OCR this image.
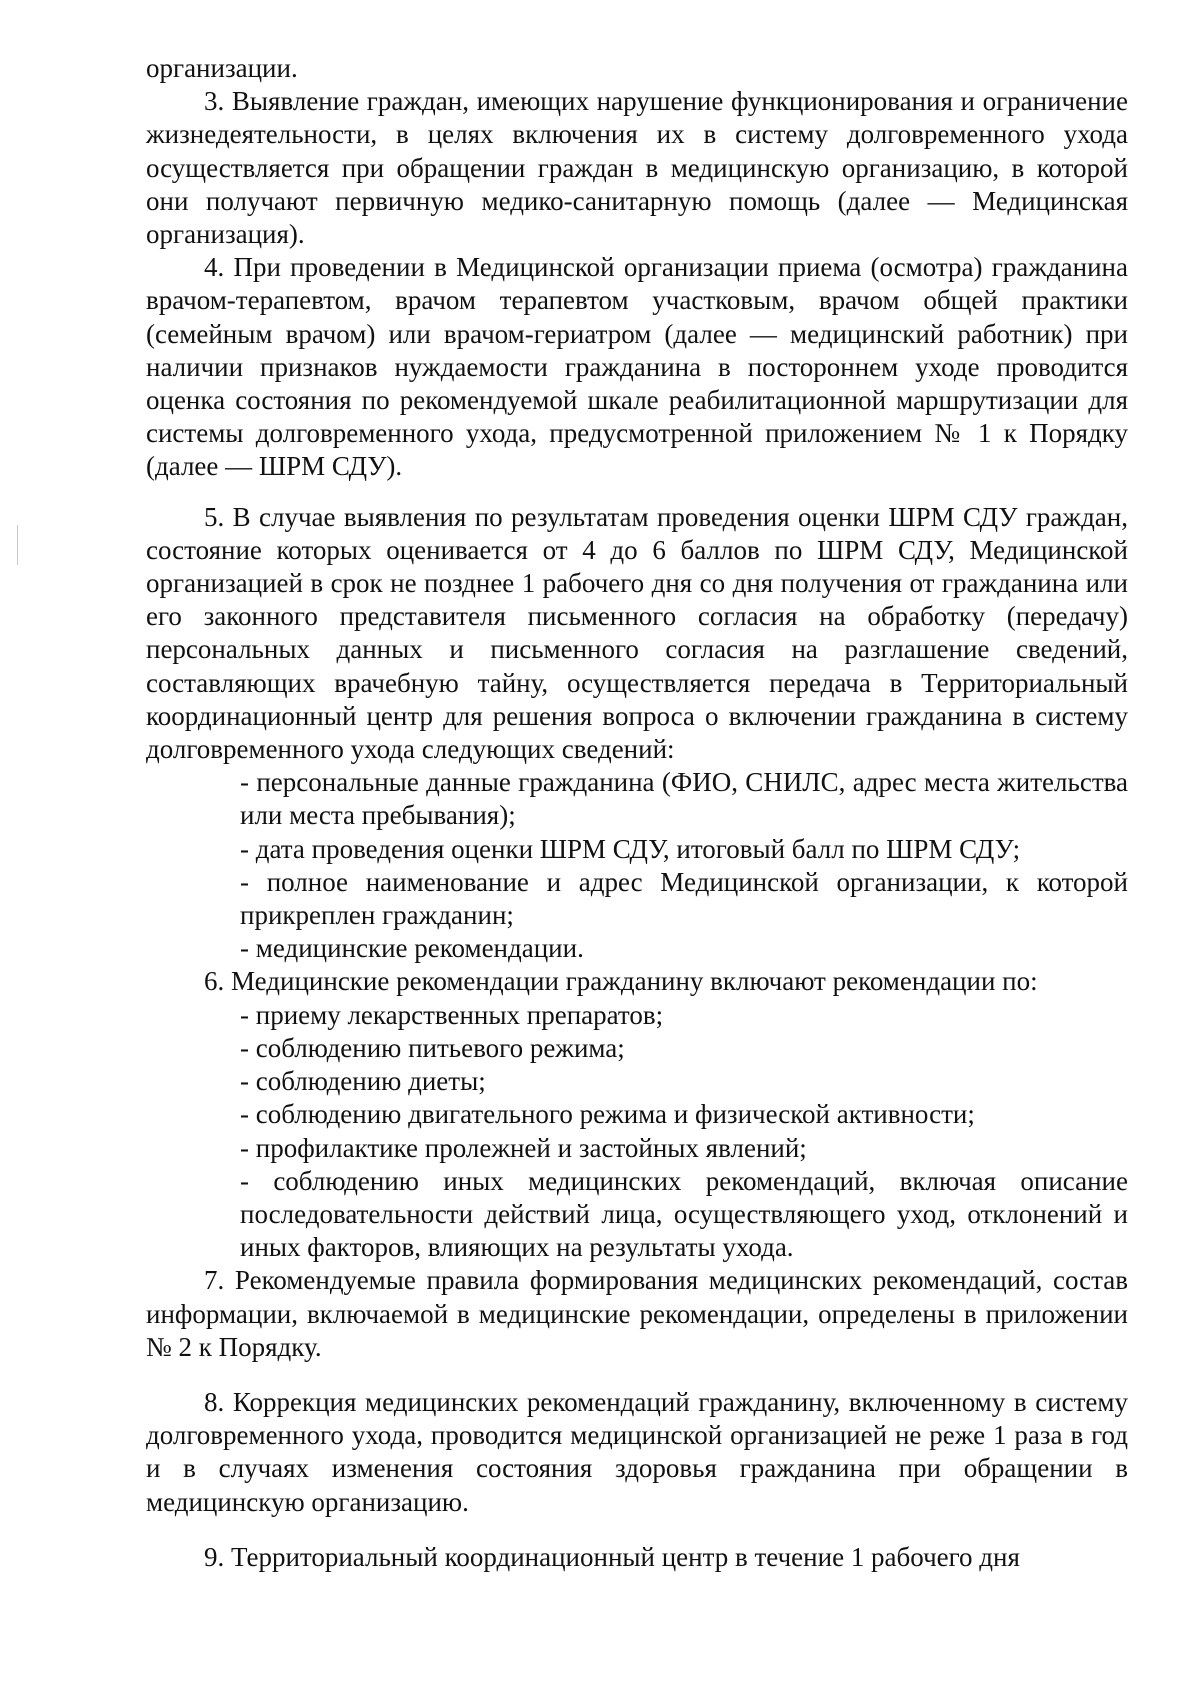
организации.

3. Выявление граждан, имеющих нарушение функционирования и ограничение жизнедеятельности, в целях включения их в систему долговременного ухода осуществляется при обращении граждан в медицинскую организацию, в которой они получают первичную медико-санитарную помощь (далее — Медицинская организация).

4. При проведении в Медицинской организации приема (осмотра) гражданина врачом-терапевтом, врачом терапевтом участковым, врачом общей практики (семейным врачом) или врачом-гериатром (далее — медицинский работник) при наличии признаков нуждаемости гражданина в постороннем уходе проводится оценка состояния по рекомендуемой шкале реабилитационной маршрутизации для системы долговременного ухода, предусмотренной приложением № 1 к Порядку (далее — ШРМ СДУ).

5. В случае выявления по результатам проведения оценки ШРМ СДУ граждан, состояние которых оценивается от 4 до 6 баллов по ШРМ СДУ, Медицинской организацией в срок не позднее 1 рабочего дня со дня получения от гражданина или его законного представителя письменного согласия на обработку (передачу) персональных данных и письменного согласия на разглашение сведений, составляющих врачебную тайну, осуществляется передача в Территориальный координационный центр для решения вопроса о включении гражданина в систему долговременного ухода следующих сведений:

- персональные данные гражданина (ФИО, СНИЛС, адрес места жительства или места пребывания);

- дата проведения оценки ШРМ СДУ, итоговый балл по ШРМ СДУ;

- полное наименование и адрес Медицинской организации, к которой прикреплен гражданин;

- медицинские рекомендации.

6. Медицинские рекомендации гражданину включают рекомендации по:

- приему лекарственных препаратов;

- соблюдению питьевого режима;

- соблюдению диеты;

- соблюдению двигательного режима и физической активности;

- профилактике пролежней и застойных явлений;

- соблюдению иных медицинских рекомендаций, включая описание последовательности действий лица, осуществляющего уход, отклонений и иных факторов, влияющих на результаты ухода.

7. Рекомендуемые правила формирования медицинских рекомендаций, состав информации, включаемой в медицинские рекомендации, определены в приложении № 2 к Порядку.

8. Коррекция медицинских рекомендаций гражданину, включенному в систему долговременного ухода, проводится медицинской организацией не реже 1 раза в год и в случаях изменения состояния здоровья гражданина при обращении в медицинскую организацию.

9. Территориальный координационный центр в течение 1 рабочего дня
